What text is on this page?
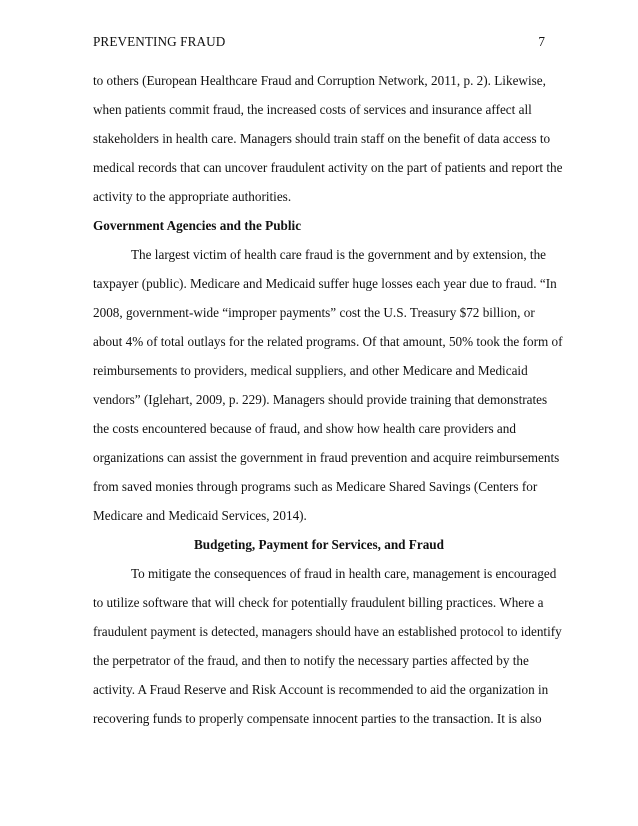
PREVENTING FRAUD	7
to others (European Healthcare Fraud and Corruption Network, 2011, p. 2). Likewise,
when patients commit fraud, the increased costs of services and insurance affect all
stakeholders in health care. Managers should train staff on the benefit of data access to
medical records that can uncover fraudulent activity on the part of patients and report the
activity to the appropriate authorities.
Government Agencies and the Public
The largest victim of health care fraud is the government and by extension, the
taxpayer (public). Medicare and Medicaid suffer huge losses each year due to fraud. “In
2008, government-wide “improper payments” cost the U.S. Treasury $72 billion, or
about 4% of total outlays for the related programs. Of that amount, 50% took the form of
reimbursements to providers, medical suppliers, and other Medicare and Medicaid
vendors” (Iglehart, 2009, p. 229). Managers should provide training that demonstrates
the costs encountered because of fraud, and show how health care providers and
organizations can assist the government in fraud prevention and acquire reimbursements
from saved monies through programs such as Medicare Shared Savings (Centers for
Medicare and Medicaid Services, 2014).
Budgeting, Payment for Services, and Fraud
To mitigate the consequences of fraud in health care, management is encouraged
to utilize software that will check for potentially fraudulent billing practices. Where a
fraudulent payment is detected, managers should have an established protocol to identify
the perpetrator of the fraud, and then to notify the necessary parties affected by the
activity. A Fraud Reserve and Risk Account is recommended to aid the organization in
recovering funds to properly compensate innocent parties to the transaction. It is also
